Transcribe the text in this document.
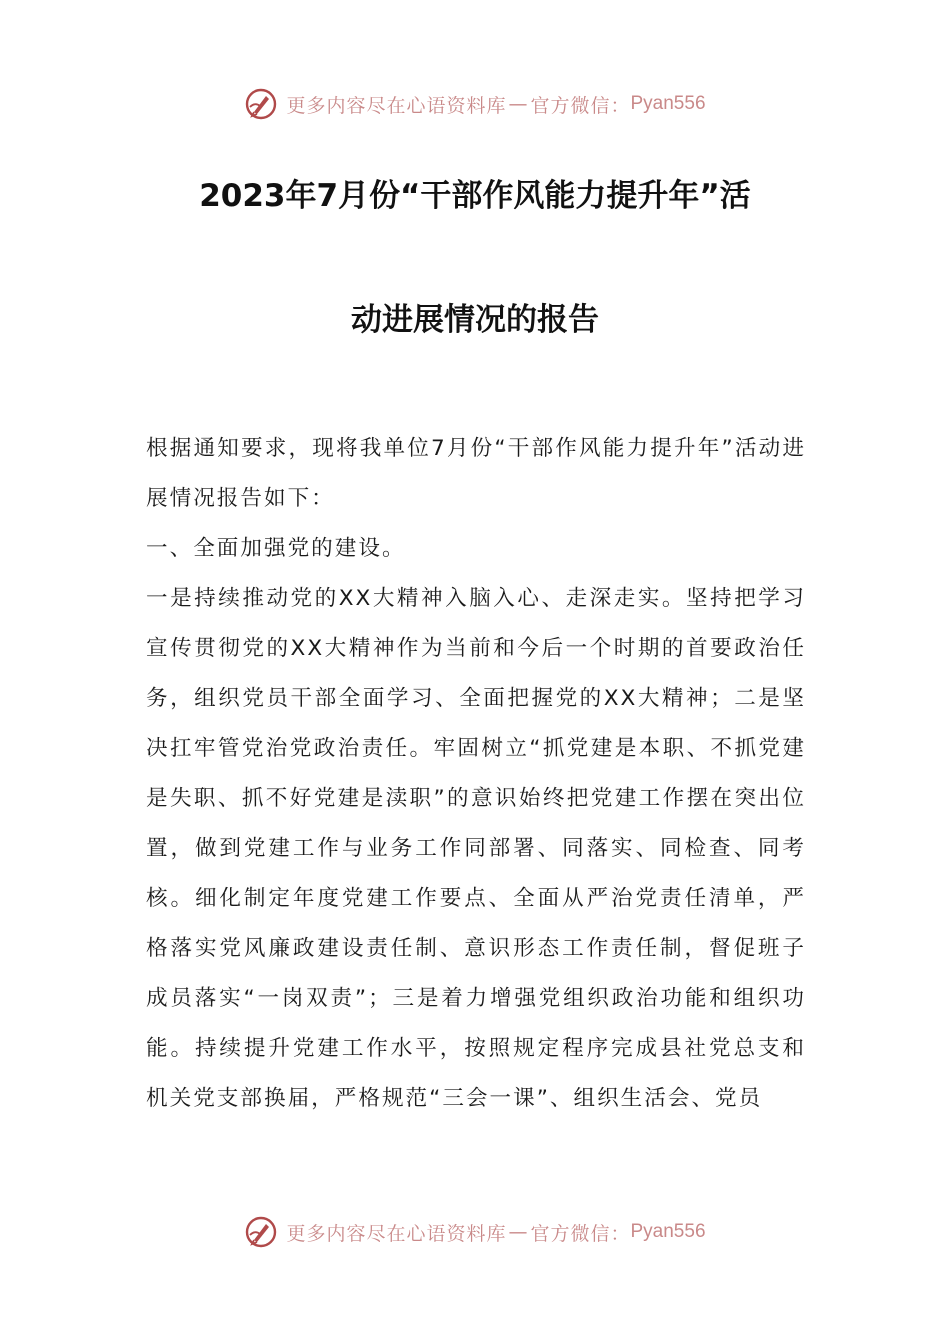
更多内容尽在心语资料库 — 官方微信： Pyan556
2023年7月份“干部作风能力提升年”活
动进展情况的报告

根据通知要求，现将我单位7月份“干部作风能力提升年”活动进展情况报告如下：

一、全面加强党的建设。

一是持续推动党的XX大精神入脑入心、走深走实。坚持把学习宣传贯彻党的XX大精神作为当前和今后一个时期的首要政治任务，组织党员干部全面学习、全面把握党的XX大精神；二是坚决扛牢管党治党政治责任。牢固树立“抓党建是本职、不抓党建是失职、抓不好党建是渎职”的意识始终把党建工作摆在突出位置，做到党建工作与业务工作同部署、同落实、同检查、同考核。细化制定年度党建工作要点、全面从严治党责任清单，严格落实党风廉政建设责任制、意识形态工作责任制，督促班子成员落实“一岗双责”；三是着力增强党组织政治功能和组织功能。持续提升党建工作水平，按照规定程序完成县社党总支和机关党支部换届，严格规范“三会一课”、组织生活会、党员

更多内容尽在心语资料库 — 官方微信： Pyan556
